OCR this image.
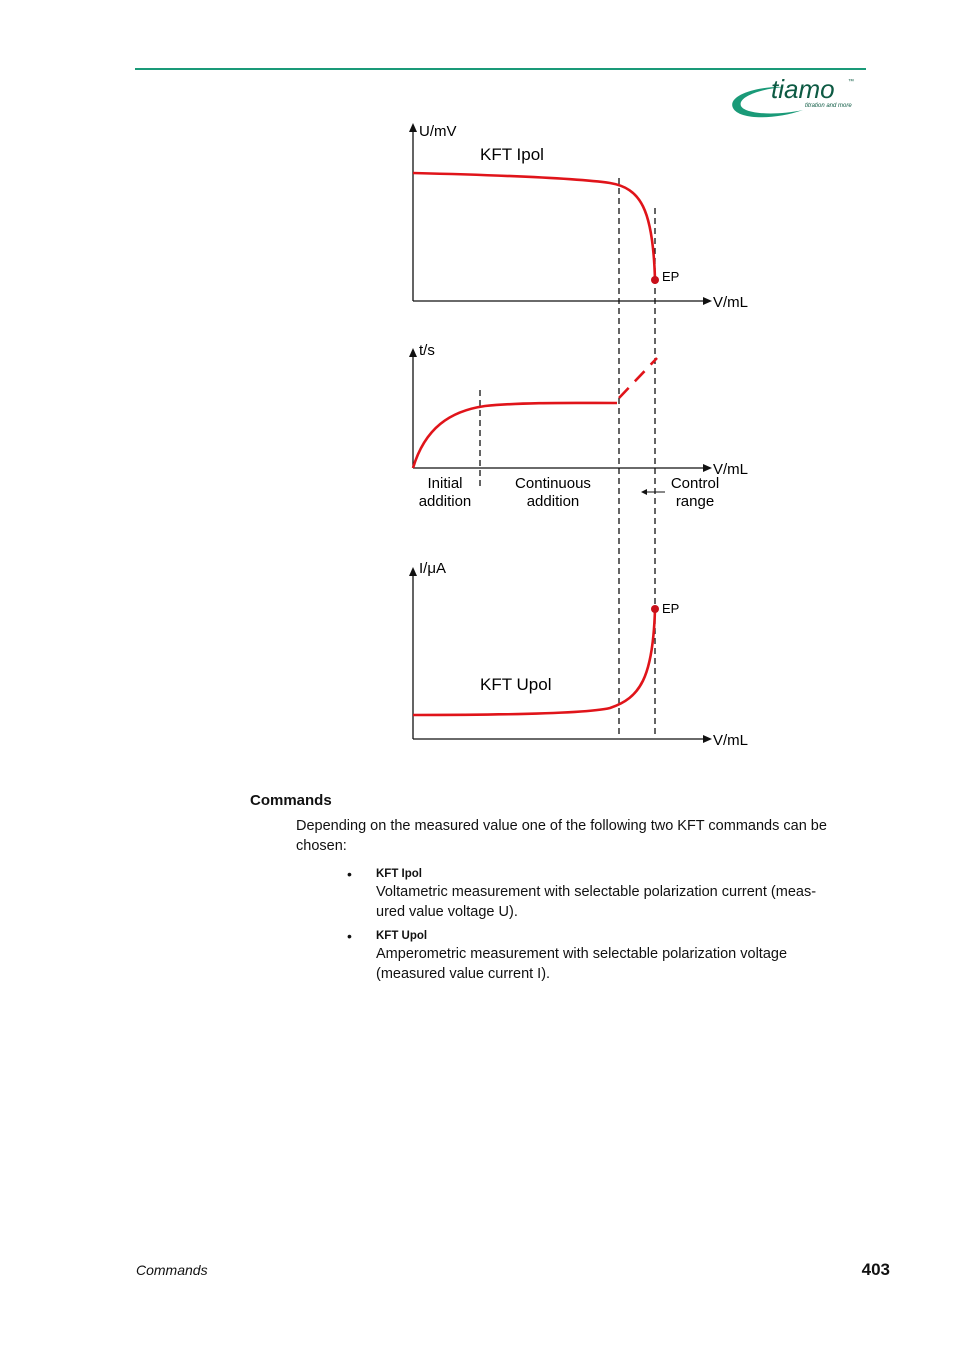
tiamo ™
titration and more
U/mV
V/mL
KFT Ipol
EP
t/s
V/mL
Initial
addition
Continuous
addition
Control
range
I/μA
V/mL
KFT Upol
EP
Commands
Depending on the measured value one of the following two KFT commands can be chosen:
• KFT Ipol
Voltametric measurement with selectable polarization current (meas-
ured value voltage U).
• KFT Upol
Amperometric measurement with selectable polarization voltage
(measured value current I).
Commands	403
